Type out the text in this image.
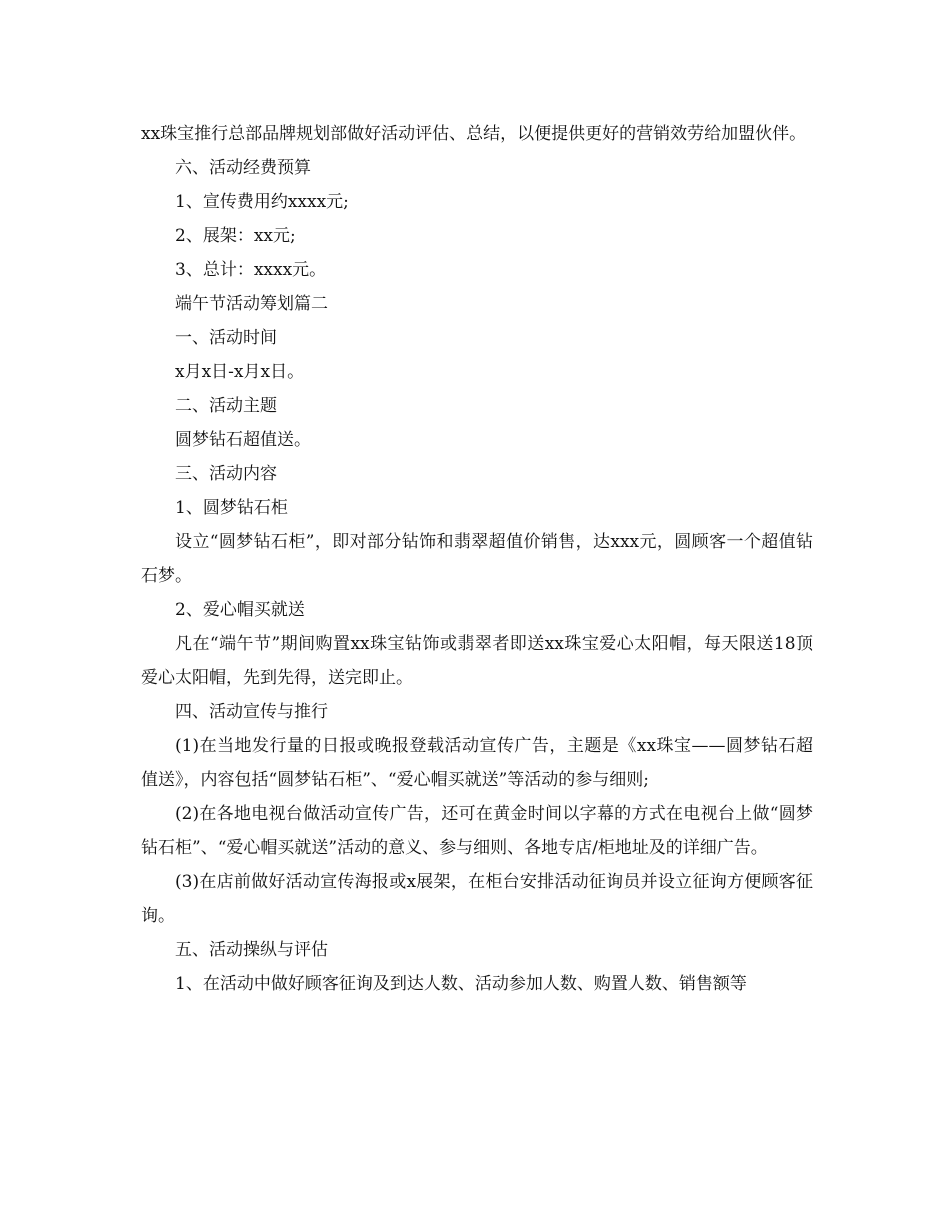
xx珠宝推行总部品牌规划部做好活动评估、总结，以便提供更好的营销效劳给加盟伙伴。

六、活动经费预算

1、宣传费用约xxxx元;

2、展架：xx元;

3、总计：xxxx元。

端午节活动筹划篇二

一、活动时间

x月x日-x月x日。

二、活动主题

圆梦钻石超值送。

三、活动内容

1、圆梦钻石柜

设立“圆梦钻石柜”，即对部分钻饰和翡翠超值价销售，达xxx元，圆顾客一个超值钻石梦。

2、爱心帽买就送

凡在“端午节”期间购置xx珠宝钻饰或翡翠者即送xx珠宝爱心太阳帽，每天限送18顶爱心太阳帽，先到先得，送完即止。

四、活动宣传与推行

(1)在当地发行量的日报或晚报登载活动宣传广告，主题是《xx珠宝——圆梦钻石超值送》，内容包括“圆梦钻石柜”、“爱心帽买就送”等活动的参与细则;

(2)在各地电视台做活动宣传广告，还可在黄金时间以字幕的方式在电视台上做“圆梦钻石柜”、“爱心帽买就送”活动的意义、参与细则、各地专店/柜地址及的详细广告。

(3)在店前做好活动宣传海报或x展架，在柜台安排活动征询员并设立征询方便顾客征询。

五、活动操纵与评估

1、在活动中做好顾客征询及到达人数、活动参加人数、购置人数、销售额等
